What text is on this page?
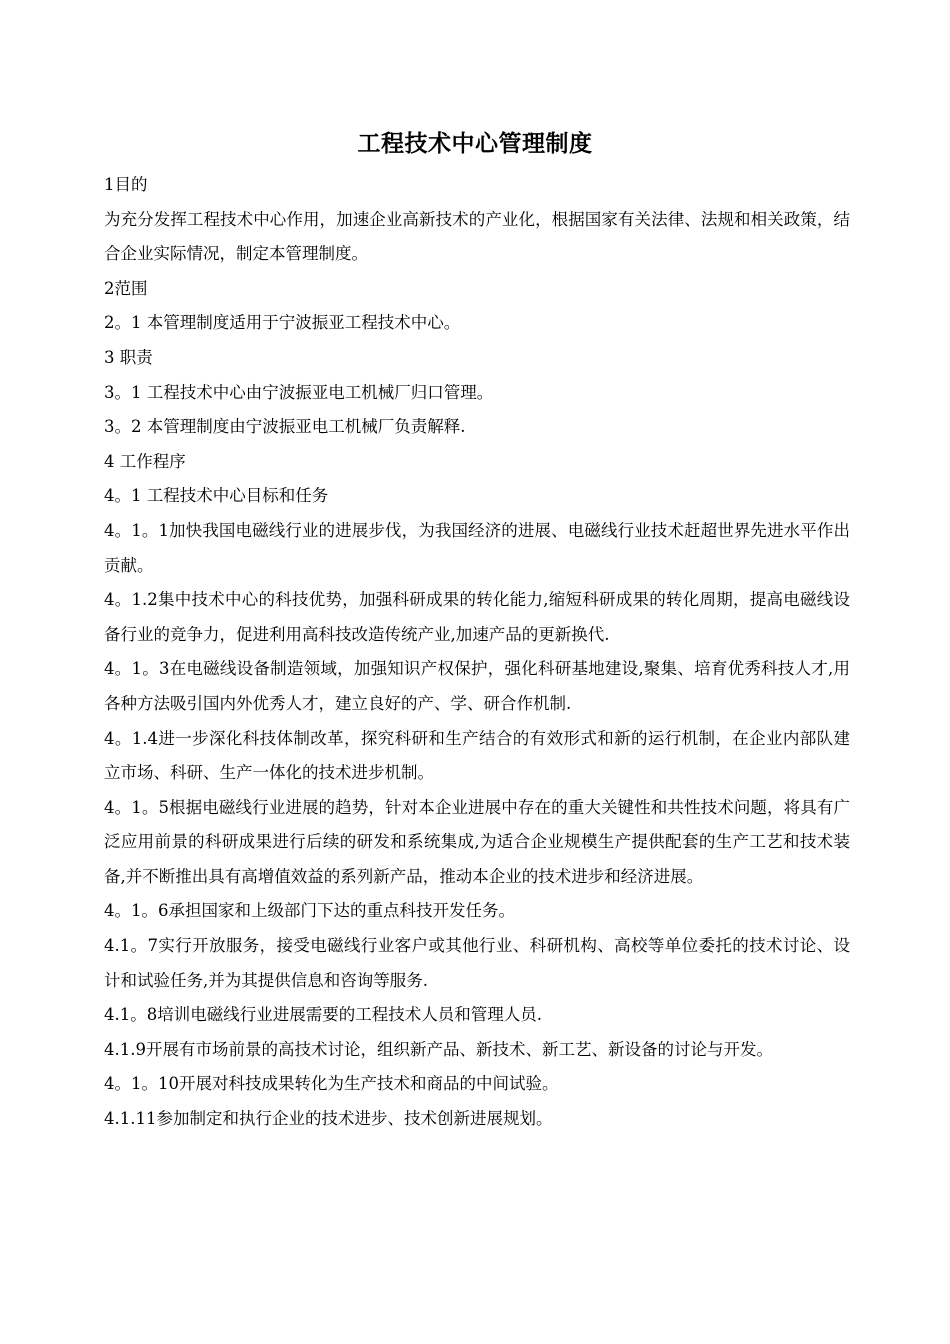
工程技术中心管理制度

1目的

为充分发挥工程技术中心作用，加速企业高新技术的产业化，根据国家有关法律、法规和相关政策，结合企业实际情况，制定本管理制度。

2范围

2。1 本管理制度适用于宁波振亚工程技术中心。

3 职责

3。1 工程技术中心由宁波振亚电工机械厂归口管理。

3。2 本管理制度由宁波振亚电工机械厂负责解释.

4 工作程序

4。1 工程技术中心目标和任务

4。1。1加快我国电磁线行业的进展步伐，为我国经济的进展、电磁线行业技术赶超世界先进水平作出贡献。

4。1.2集中技术中心的科技优势，加强科研成果的转化能力,缩短科研成果的转化周期，提高电磁线设备行业的竞争力，促进利用高科技改造传统产业,加速产品的更新换代.

4。1。3在电磁线设备制造领域，加强知识产权保护，强化科研基地建设,聚集、培育优秀科技人才,用各种方法吸引国内外优秀人才，建立良好的产、学、研合作机制.

4。1.4进一步深化科技体制改革，探究科研和生产结合的有效形式和新的运行机制，在企业内部队建立市场、科研、生产一体化的技术进步机制。

4。1。5根据电磁线行业进展的趋势，针对本企业进展中存在的重大关键性和共性技术问题，将具有广泛应用前景的科研成果进行后续的研发和系统集成,为适合企业规模生产提供配套的生产工艺和技术装备,并不断推出具有高增值效益的系列新产品，推动本企业的技术进步和经济进展。

4。1。6承担国家和上级部门下达的重点科技开发任务。

4.1。7实行开放服务，接受电磁线行业客户或其他行业、科研机构、高校等单位委托的技术讨论、设计和试验任务,并为其提供信息和咨询等服务.

4.1。8培训电磁线行业进展需要的工程技术人员和管理人员.

4.1.9开展有市场前景的高技术讨论，组织新产品、新技术、新工艺、新设备的讨论与开发。

4。1。10开展对科技成果转化为生产技术和商品的中间试验。

4.1.11参加制定和执行企业的技术进步、技术创新进展规划。
